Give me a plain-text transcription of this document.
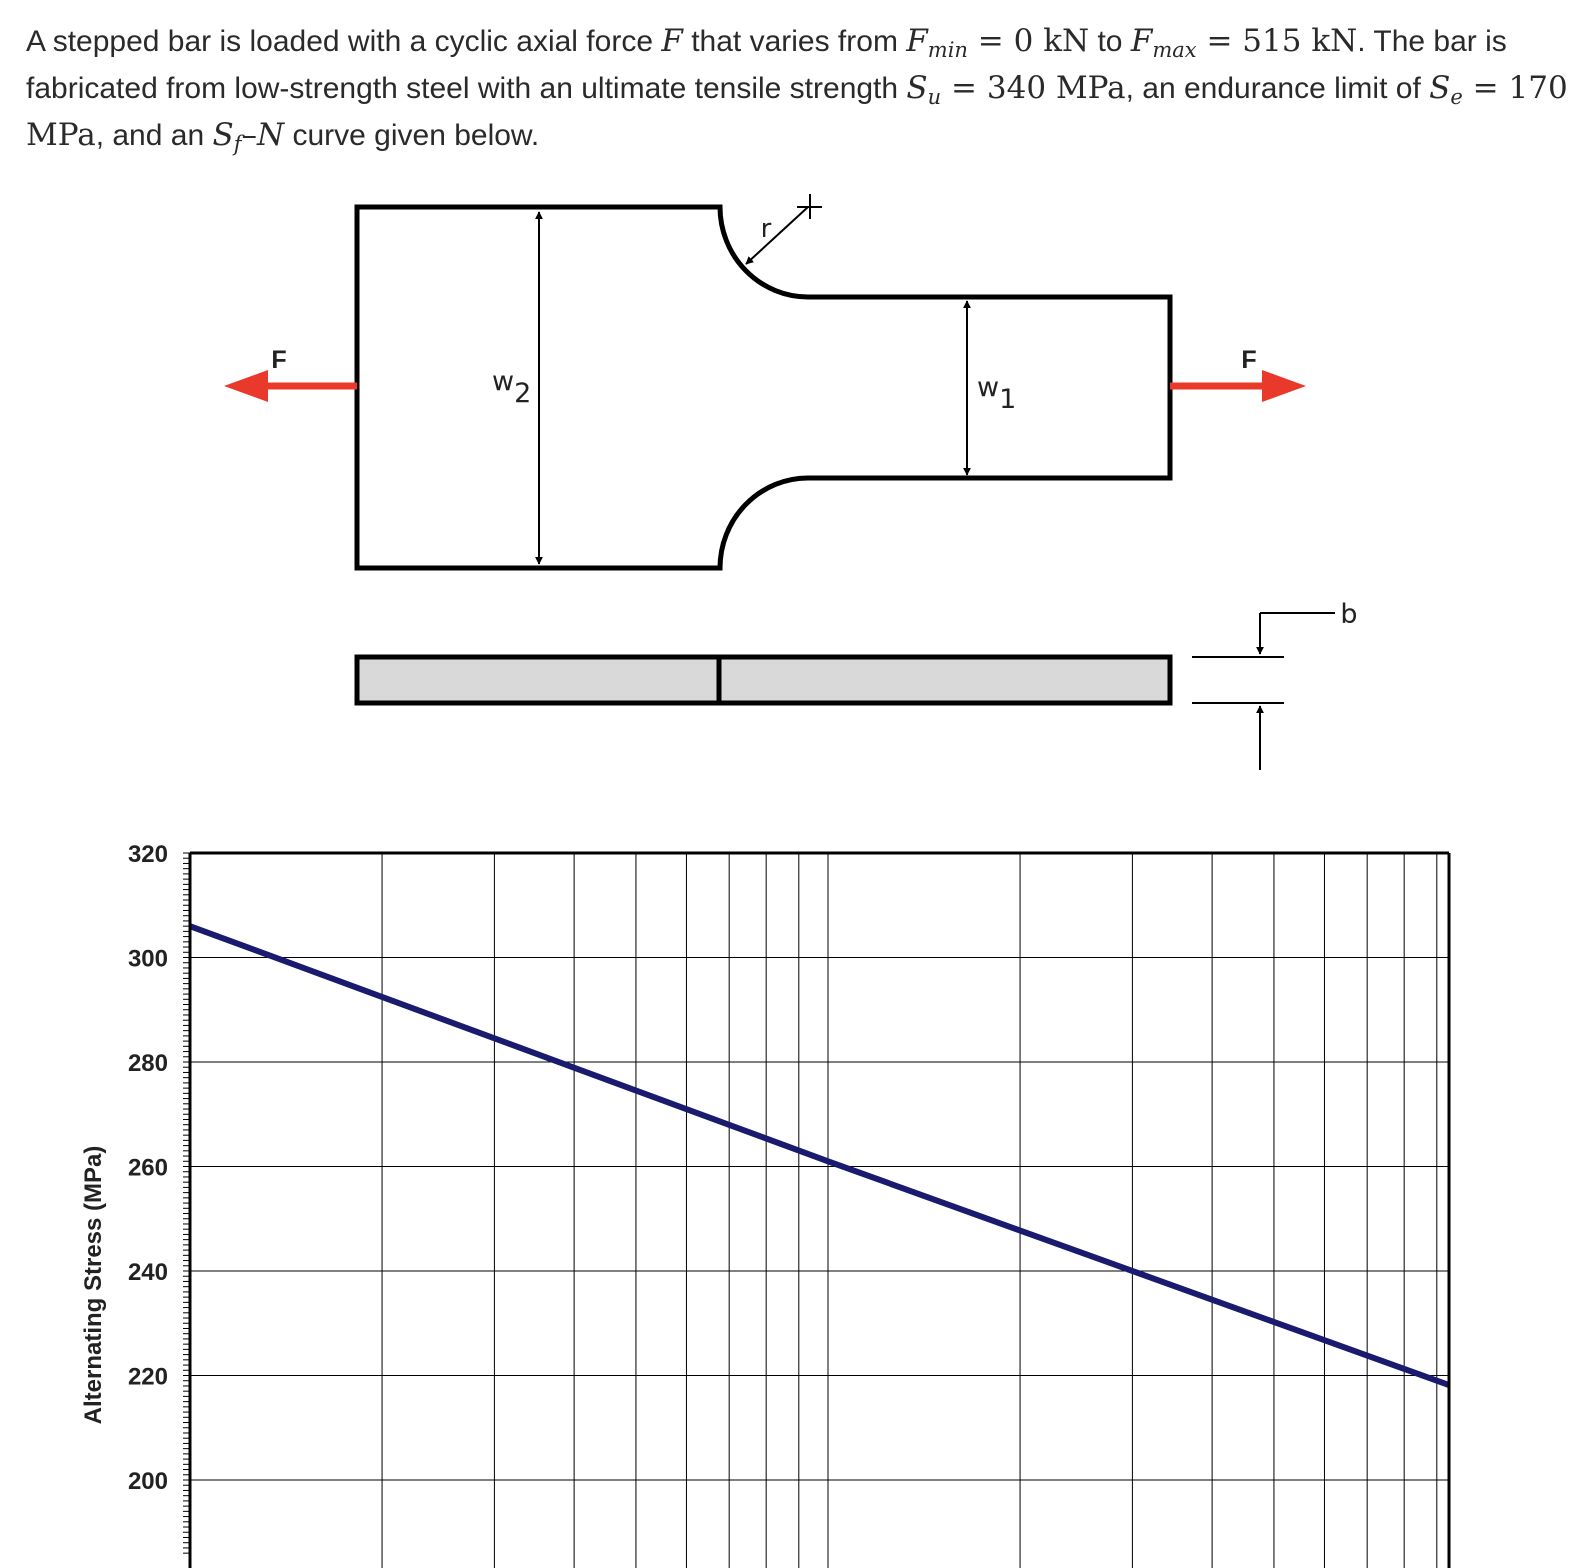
A stepped bar is loaded with a cyclic axial force F that varies from $F_{min} = 0$ kN to $F_{max} = 515$ kN. The bar is fabricated from low-strength steel with an ultimate tensile strength $S_u = 340$ MPa, an endurance limit of $S_e = 170$ MPa, and an $S_f-N$ curve given below.
F	F
w2	w1
r
b
320
300
280
260
240
220
200
Alternating Stress (MPa)
